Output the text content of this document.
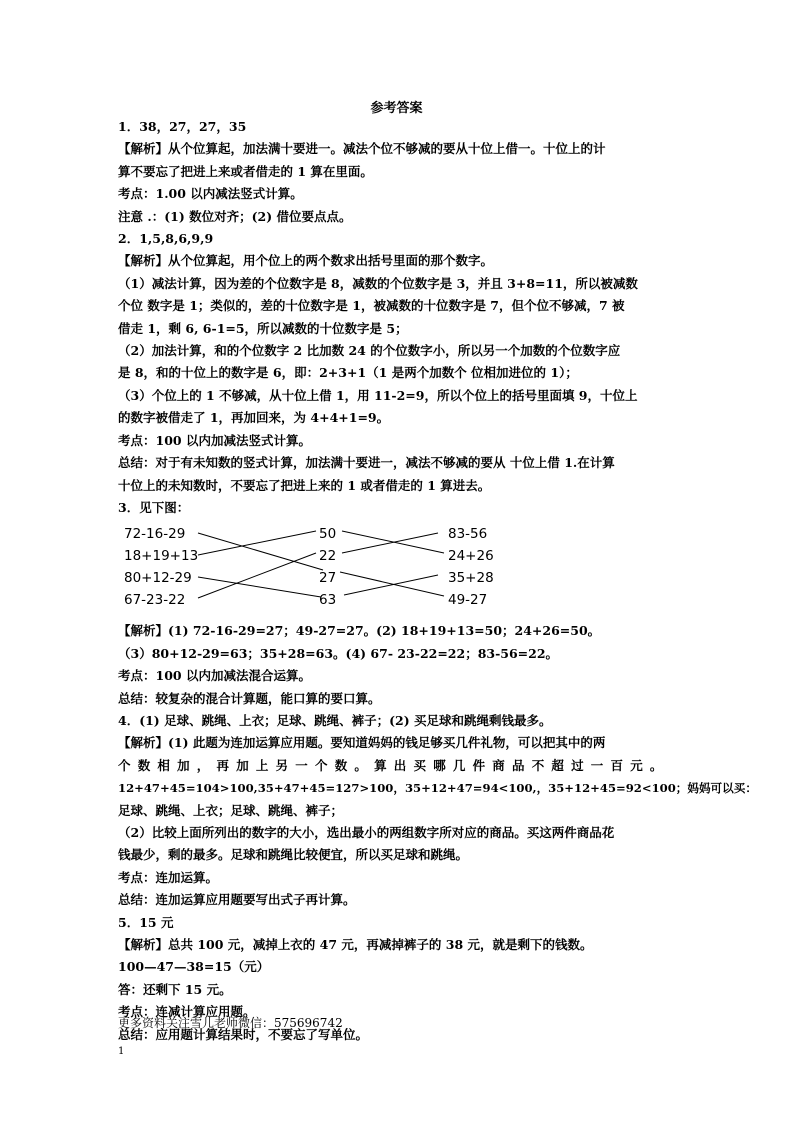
参考答案
1．38，27，27，35
【解析】从个位算起，加法满十要进一。减法个位不够减的要从十位上借一。十位上的计
算不要忘了把进上来或者借走的 1 算在里面。
考点：1.00 以内减法竖式计算。
注意 .：(1) 数位对齐；(2) 借位要点点。
2．1,5,8,6,9,9
【解析】从个位算起，用个位上的两个数求出括号里面的那个数字。
（1）减法计算，因为差的个位数字是 8，减数的个位数字是 3，并且 3+8=11，所以被减数
个位 数字是 1；类似的，差的十位数字是 1，被减数的十位数字是 7，但个位不够减，7 被
借走 1，剩 6, 6-1=5，所以减数的十位数字是 5；
（2）加法计算，和的个位数字 2 比加数 24 的个位数字小，所以另一个加数的个位数字应
是 8，和的十位上的数字是 6，即：2+3+1（1 是两个加数个 位相加进位的 1）；
（3）个位上的 1 不够减，从十位上借 1，用 11-2=9，所以个位上的括号里面填 9，十位上
的数字被借走了 1，再加回来，为 4+4+1=9。
考点：100 以内加减法竖式计算。
总结：对于有未知数的竖式计算，加法满十要进一，减法不够减的要从 十位上借 1.在计算
十位上的未知数时，不要忘了把进上来的 1 或者借走的 1 算进去。
3．见下图：
72-16-29
18+19+13
80+12-29
67-23-22
50
22
27
63
83-56
24+26
35+28
49-27
【解析】(1) 72-16-29=27；49-27=27。(2) 18+19+13=50；24+26=50。
（3）80+12-29=63；35+28=63。(4) 67- 23-22=22；83-56=22。
考点：100 以内加减法混合运算。
总结：较复杂的混合计算题，能口算的要口算。
4．(1) 足球、跳绳、上衣；足球、跳绳、裤子；(2) 买足球和跳绳剩钱最多。
【解析】(1) 此题为连加运算应用题。要知道妈妈的钱足够买几件礼物，可以把其中的两
个数相加，再加上另一个数。算出买哪几件商品不超过一百元。
12+47+45=104>100,35+47+45=127>100，35+12+47=94<100,，35+12+45=92<100；妈妈可以买：
足球、跳绳、上衣；足球、跳绳、裤子；
（2）比较上面所列出的数字的大小，选出最小的两组数字所对应的商品。买这两件商品花
钱最少，剩的最多。足球和跳绳比较便宜，所以买足球和跳绳。
考点：连加运算。
总结：连加运算应用题要写出式子再计算。
5．15 元
【解析】总共 100 元，减掉上衣的 47 元，再减掉裤子的 38 元，就是剩下的钱数。
100—47—38=15（元）
答：还剩下 15 元。
考点：连减计算应用题。
总结：应用题计算结果时，不要忘了写单位。
更多资料关注雪儿老师微信：575696742
1
